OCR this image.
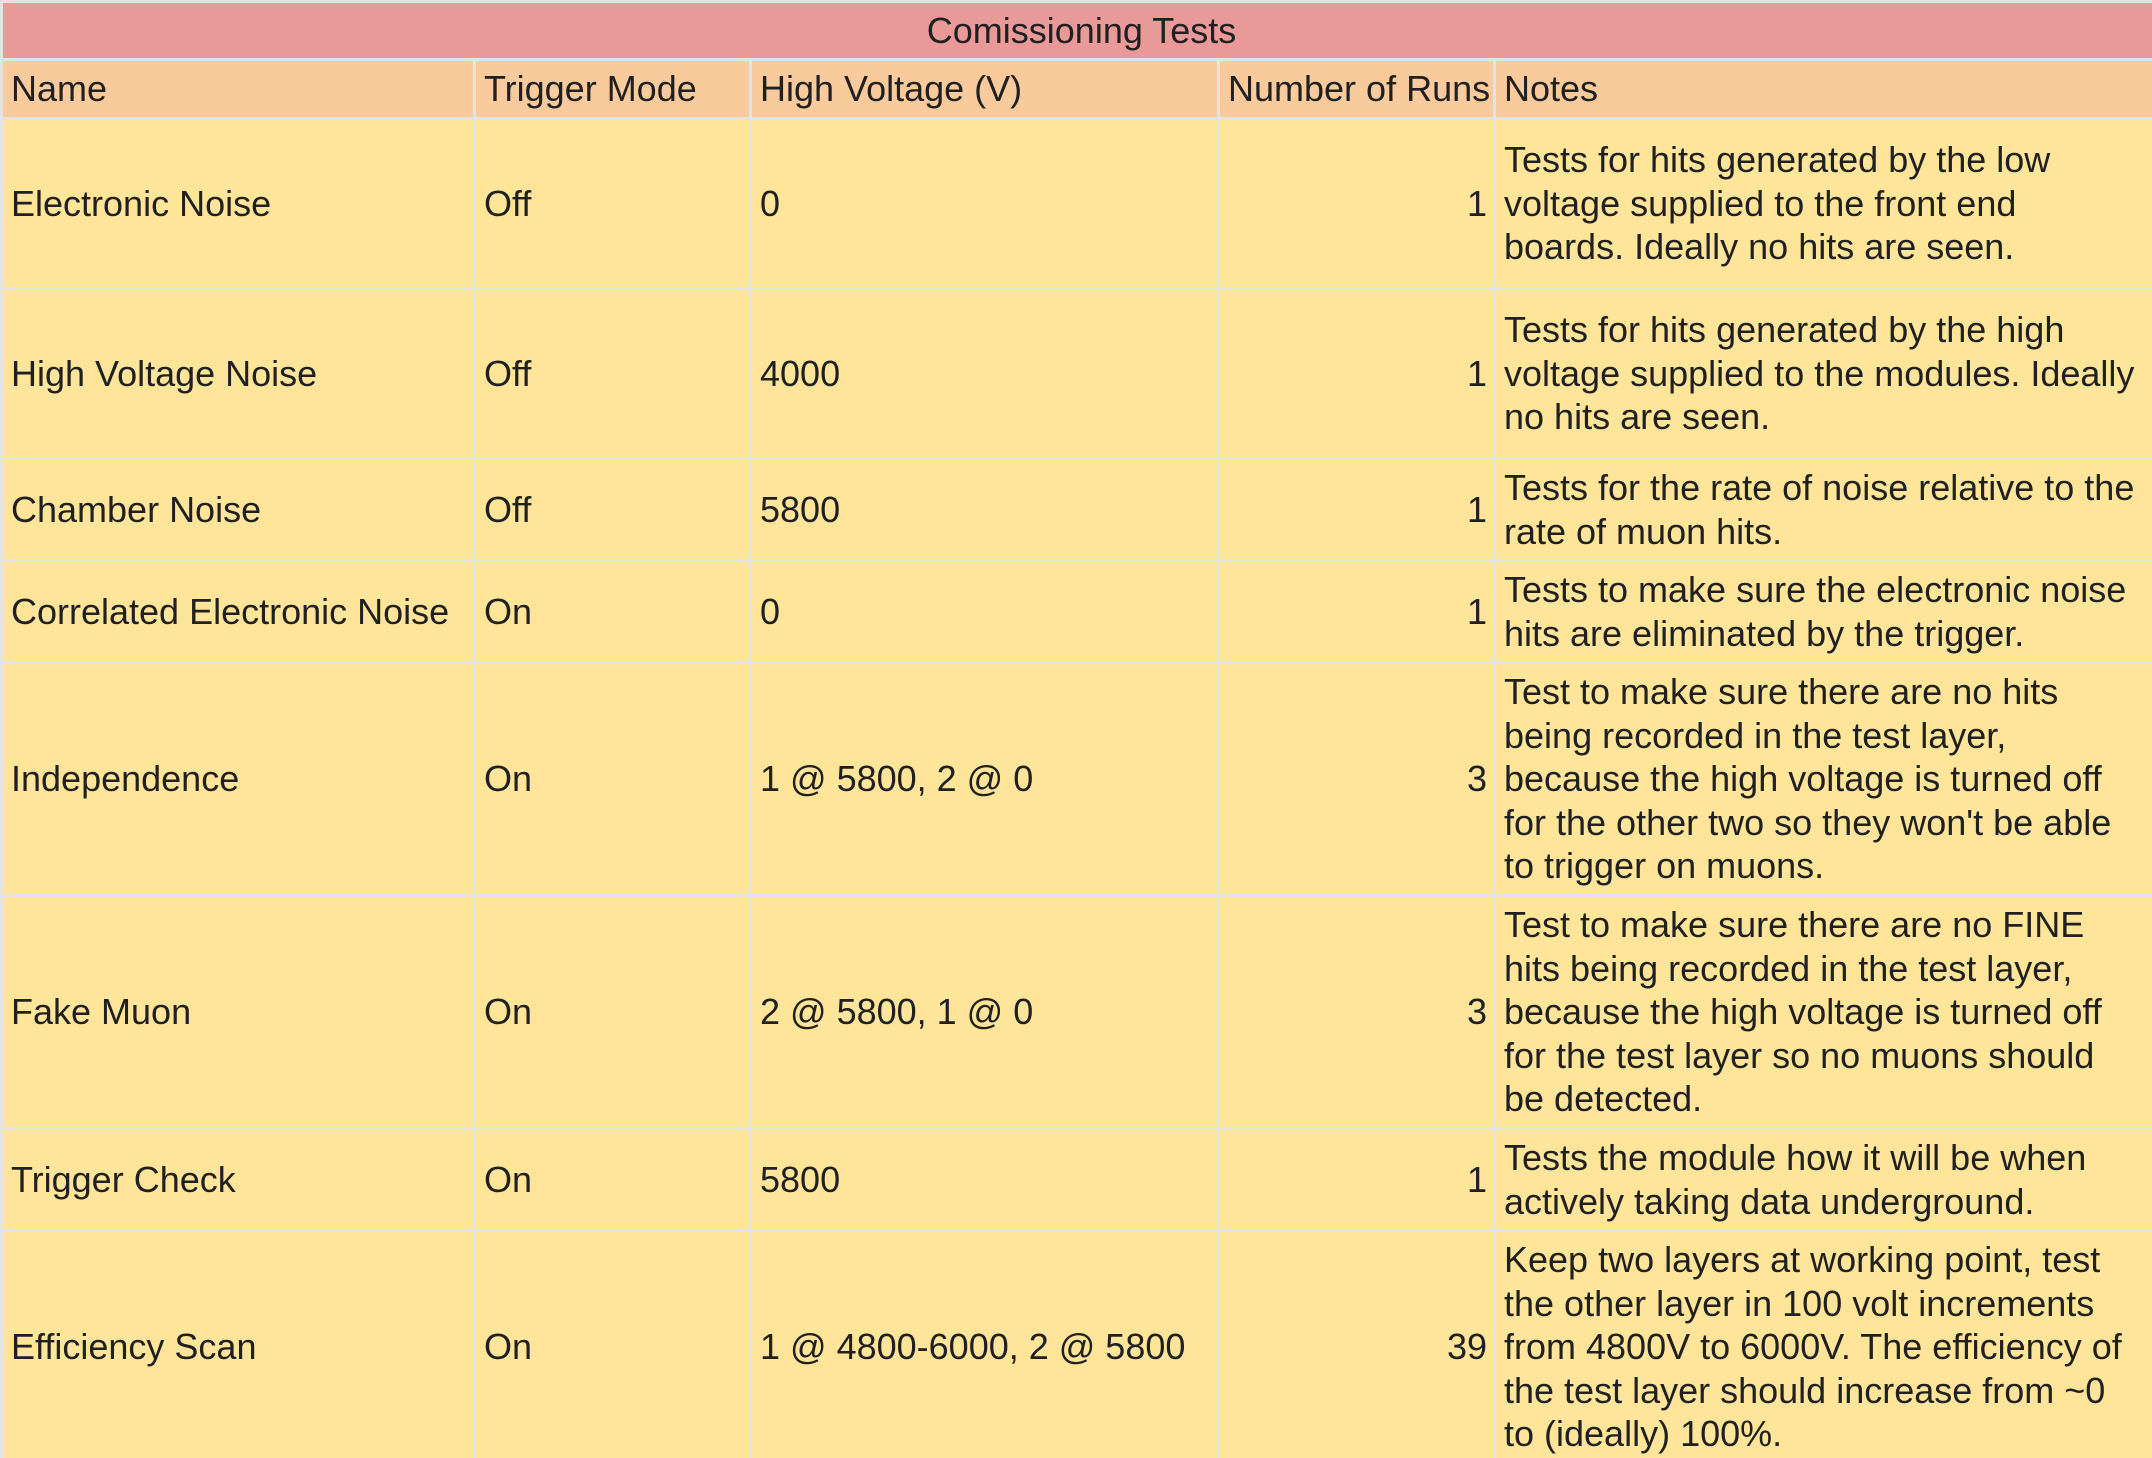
Comissioning Tests				
Name	Trigger Mode	High Voltage (V)	Number of Runs	Notes
Electronic Noise	Off	0	1	Tests for hits generated by the low
voltage supplied to the front end
boards. Ideally no hits are seen.

High Voltage Noise	Off	4000	1	Tests for hits generated by the high
voltage supplied to the modules. Ideally
no hits are seen.

Chamber Noise	Off	5800	1	Tests for the rate of noise relative to the
rate of muon hits.

Correlated Electronic Noise	On	0	1	Tests to make sure the electronic noise
hits are eliminated by the trigger.

Independence	On	1 @ 5800, 2 @ 0	3	Test to make sure there are no hits
being recorded in the test layer,
because the high voltage is turned off
for the other two so they won't be able
to trigger on muons.

Fake Muon	On	2 @ 5800, 1 @ 0	3	Test to make sure there are no FINE
hits being recorded in the test layer,
because the high voltage is turned off
for the test layer so no muons should
be detected.

Trigger Check	On	5800	1	Tests the module how it will be when
actively taking data underground.

Efficiency Scan	On	1 @ 4800-6000, 2 @ 5800	39	Keep two layers at working point, test
the other layer in 100 volt increments
from 4800V to 6000V. The efficiency of
the test layer should increase from ~0
to (ideally) 100%.
